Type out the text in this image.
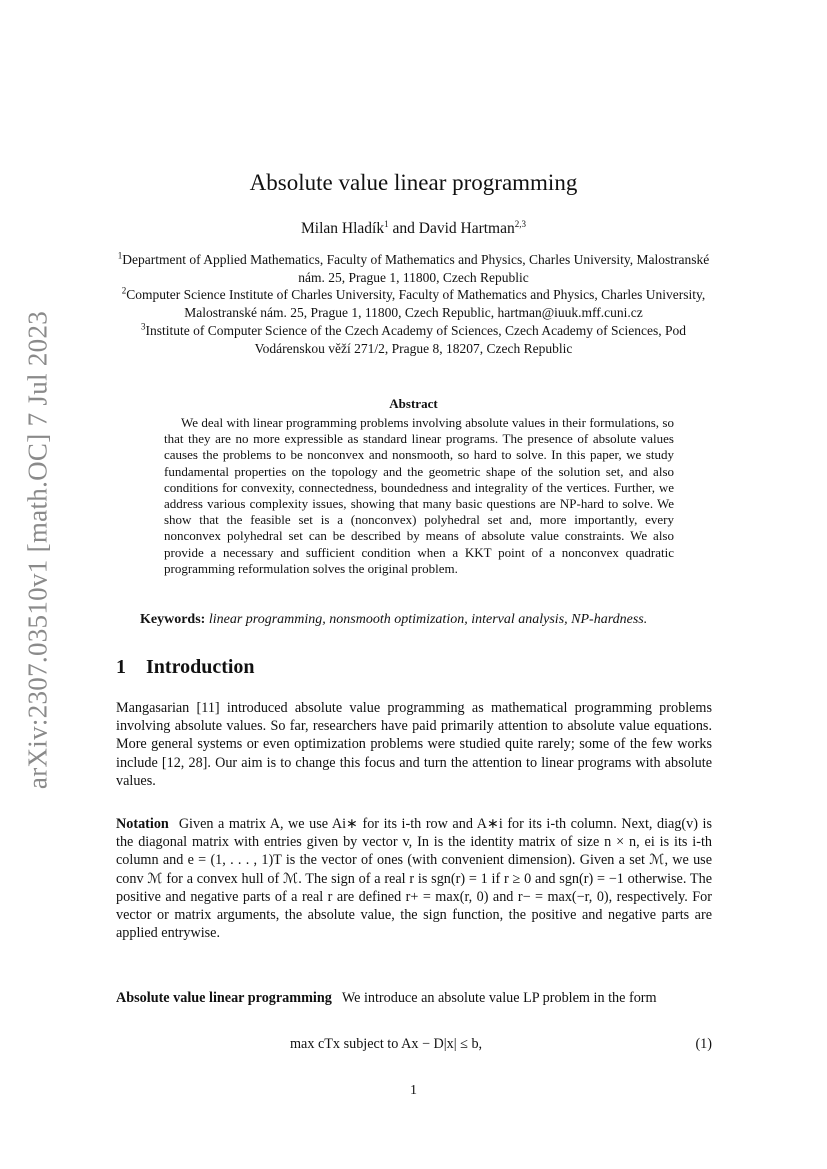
arXiv:2307.03510v1 [math.OC] 7 Jul 2023
Absolute value linear programming
Milan Hladík$^1$ and David Hartman$^{2,3}$

$^1$Department of Applied Mathematics, Faculty of Mathematics and Physics, Charles University, Malostranské nám. 25, Prague 1, 11800, Czech Republic

$^2$Computer Science Institute of Charles University, Faculty of Mathematics and Physics, Charles University, Malostranské nám. 25, Prague 1, 11800, Czech Republic, hartman@iuuk.mff.cuni.cz

$^3$Institute of Computer Science of the Czech Academy of Sciences, Czech Academy of Sciences, Pod Vodárenskou věží 271/2, Prague 8, 18207, Czech Republic

Abstract

We deal with linear programming problems involving absolute values in their formulations, so that they are no more expressible as standard linear programs. The presence of absolute values causes the problems to be nonconvex and nonsmooth, so hard to solve. In this paper, we study fundamental properties on the topology and the geometric shape of the solution set, and also conditions for convexity, connectedness, boundedness and integrality of the vertices. Further, we address various complexity issues, showing that many basic questions are NP-hard to solve. We show that the feasible set is a (nonconvex) polyhedral set and, more importantly, every nonconvex polyhedral set can be described by means of absolute value constraints. We also provide a necessary and sufficient condition when a KKT point of a nonconvex quadratic programming reformulation solves the original problem.

Keywords: linear programming, nonsmooth optimization, interval analysis, NP-hardness.
1 Introduction

Mangasarian [11] introduced absolute value programming as mathematical programming problems involving absolute values. So far, researchers have paid primarily attention to absolute value equations. More general systems or even optimization problems were studied quite rarely; some of the few works include [12, 28]. Our aim is to change this focus and turn the attention to linear programs with absolute values.

Notation Given a matrix A, we use Ai∗ for its i-th row and A∗i for its i-th column. Next, diag(v) is the diagonal matrix with entries given by vector v, In is the identity matrix of size n × n, ei is its i-th column and e = (1, . . . , 1)T is the vector of ones (with convenient dimension). Given a set ℳ, we use conv ℳ for a convex hull of ℳ. The sign of a real r is sgn(r) = 1 if r ≥ 0 and sgn(r) = −1 otherwise. The positive and negative parts of a real r are defined r+ = max(r, 0) and r− = max(−r, 0), respectively. For vector or matrix arguments, the absolute value, the sign function, the positive and negative parts are applied entrywise.

Absolute value linear programming We introduce an absolute value LP problem in the form

max cTx subject to Ax − D|x| ≤ b,	(1)
1
